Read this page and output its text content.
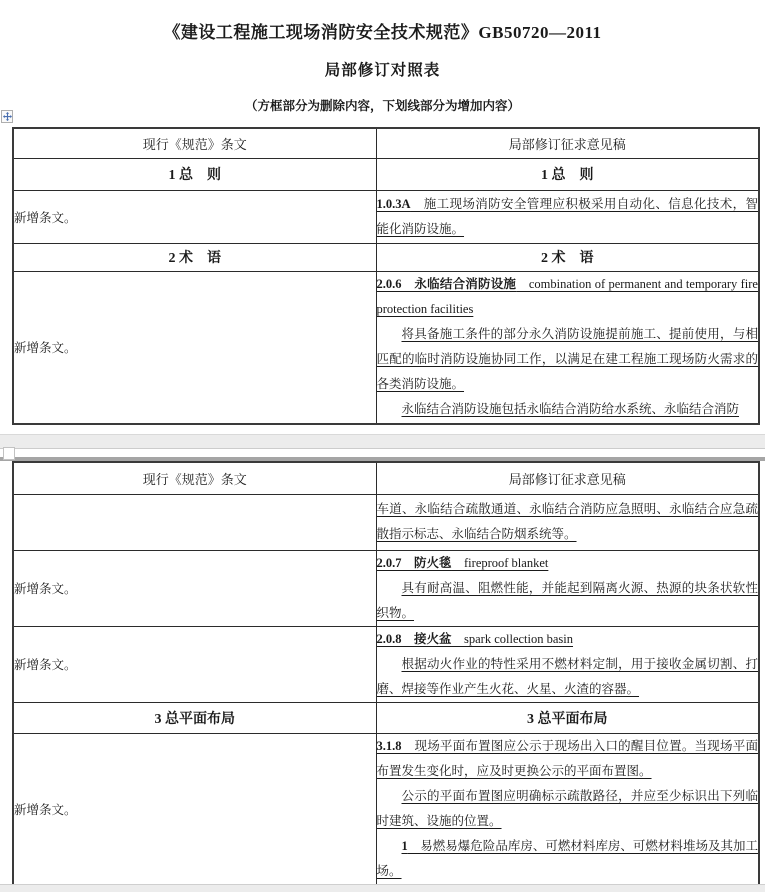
《建设工程施工现场消防安全技术规范》GB50720—2011
局部修订对照表
（方框部分为删除内容，下划线部分为增加内容）
现行《规范》条文	局部修订征求意见稿
1 总　则	1 总　则
新增条文。	1.0.3A　施工现场消防安全管理应积极采用自动化、信息化技术，智能化消防设施。

2 术　语	2 术　语
新增条文。	2.0.6　永临结合消防设施　combination of permanent and temporary fire protection facilities

将具备施工条件的部分永久消防设施提前施工、提前使用，与相匹配的临时消防设施协同工作，以满足在建工程施工现场防火需求的各类消防设施。

永临结合消防设施包括永临结合消防给水系统、永临结合消防

现行《规范》条文	局部修订征求意见稿

	车道、永临结合疏散通道、永临结合消防应急照明、永临结合应急疏散指示标志、永临结合防烟系统等。

新增条文。	2.0.7　防火毯　fireproof blanket

具有耐高温、阻燃性能，并能起到隔离火源、热源的块条状软性织物。

新增条文。	2.0.8　接火盆　spark collection basin

根据动火作业的特性采用不燃材料定制，用于接收金属切割、打磨、焊接等作业产生火花、火星、火渣的容器。

3 总平面布局	3 总平面布局
新增条文。	3.1.8　现场平面布置图应公示于现场出入口的醒目位置。当现场平面布置发生变化时，应及时更换公示的平面布置图。

公示的平面布置图应明确标示疏散路径，并应至少标识出下列临时建筑、设施的位置。

1　易燃易爆危险品库房、可燃材料库房、可燃材料堆场及其加工场。
